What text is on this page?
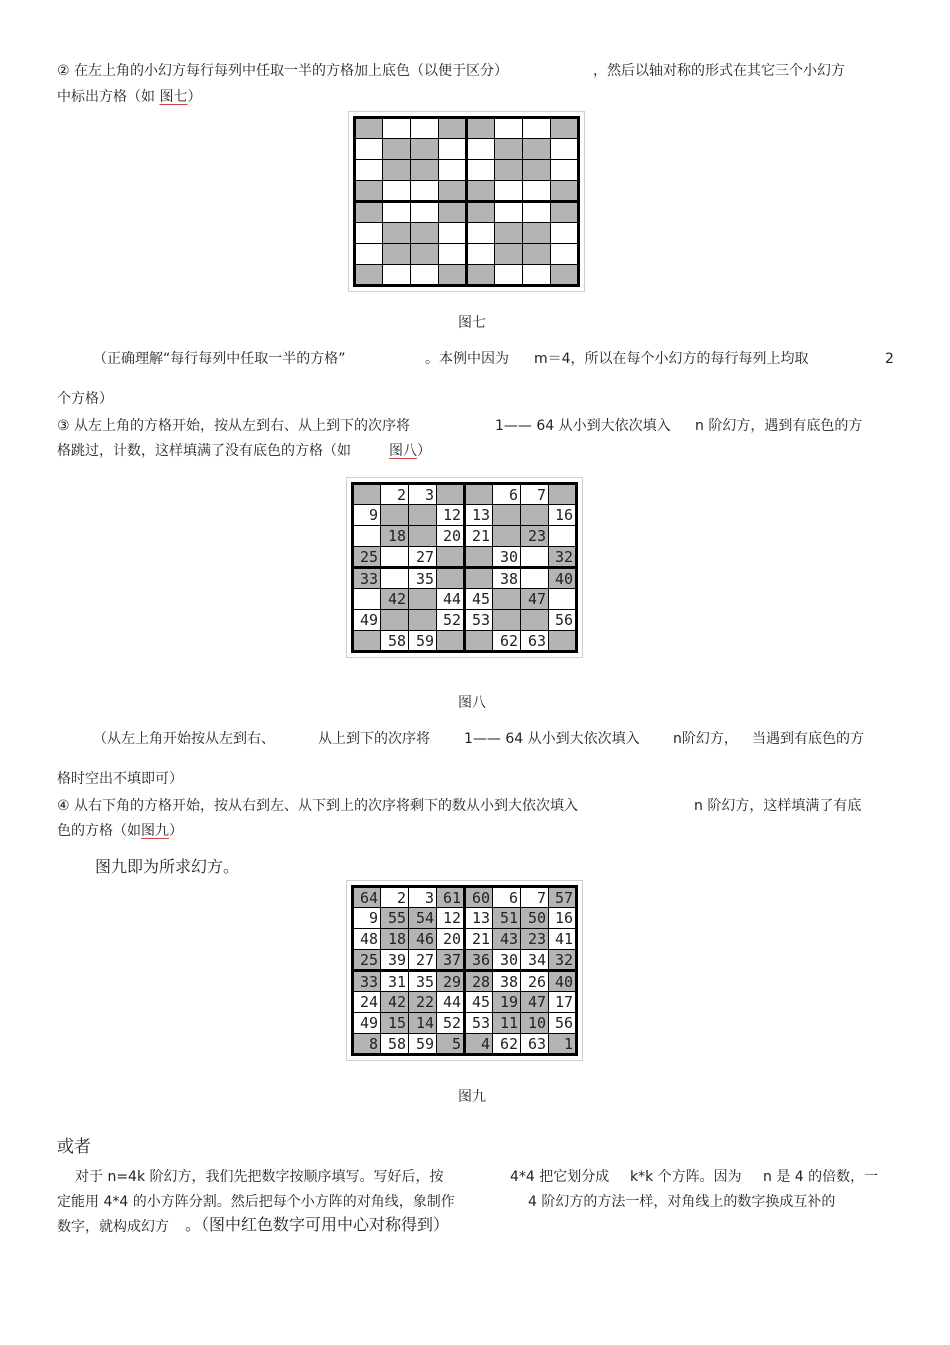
② 在左上角的小幻方每行每列中任取一半的方格加上底色（以便于区分）	，然后以轴对称的形式在其它三个小幻方
中标出方格（如 图七）

图七
（正确理解“每行每列中任取一半的方格”	。本例中因为 m＝4，所以在每个小幻方的每行每列上均取	2
个方格）
③ 从左上角的方格开始，按从左到右、从上到下的次序将	1—— 64 从小到大依次填入 n 阶幻方，遇到有底色的方
格跳过，计数，这样填满了没有底色的方格（如	图八）
	2	3			6	7	
9			12	13			16
	18		20	21		23	
25		27			30		32
33		35			38		40
	42		44	45		47	
49			52	53			56
	58	59			62	63	
图八
（从左上角开始按从左到右、	从上到下的次序将 1—— 64 从小到大依次填入 n阶幻方， 当遇到有底色的方
格时空出不填即可）
④ 从右下角的方格开始，按从右到左、从下到上的次序将剩下的数从小到大依次填入	n 阶幻方，这样填满了有底
色的方格（如图九）
图九即为所求幻方。
64	2	3	61	60	6	7	57
9	55	54	12	13	51	50	16
48	18	46	20	21	43	23	41
25	39	27	37	36	30	34	32
33	31	35	29	28	38	26	40
24	42	22	44	45	19	47	17
49	15	14	52	53	11	10	56
8	58	59	5	4	62	63	1
图九
或者
对于 n=4k 阶幻方，我们先把数字按顺序填写。写好后，按	4*4 把它划分成 k*k 个方阵。因为 n 是 4 的倍数，一
定能用 4*4 的小方阵分割。然后把每个小方阵的对角线，象制作	4 阶幻方的方法一样，对角线上的数字换成互补的
数字，就构成幻方 。（图中红色数字可用中心对称得到）
